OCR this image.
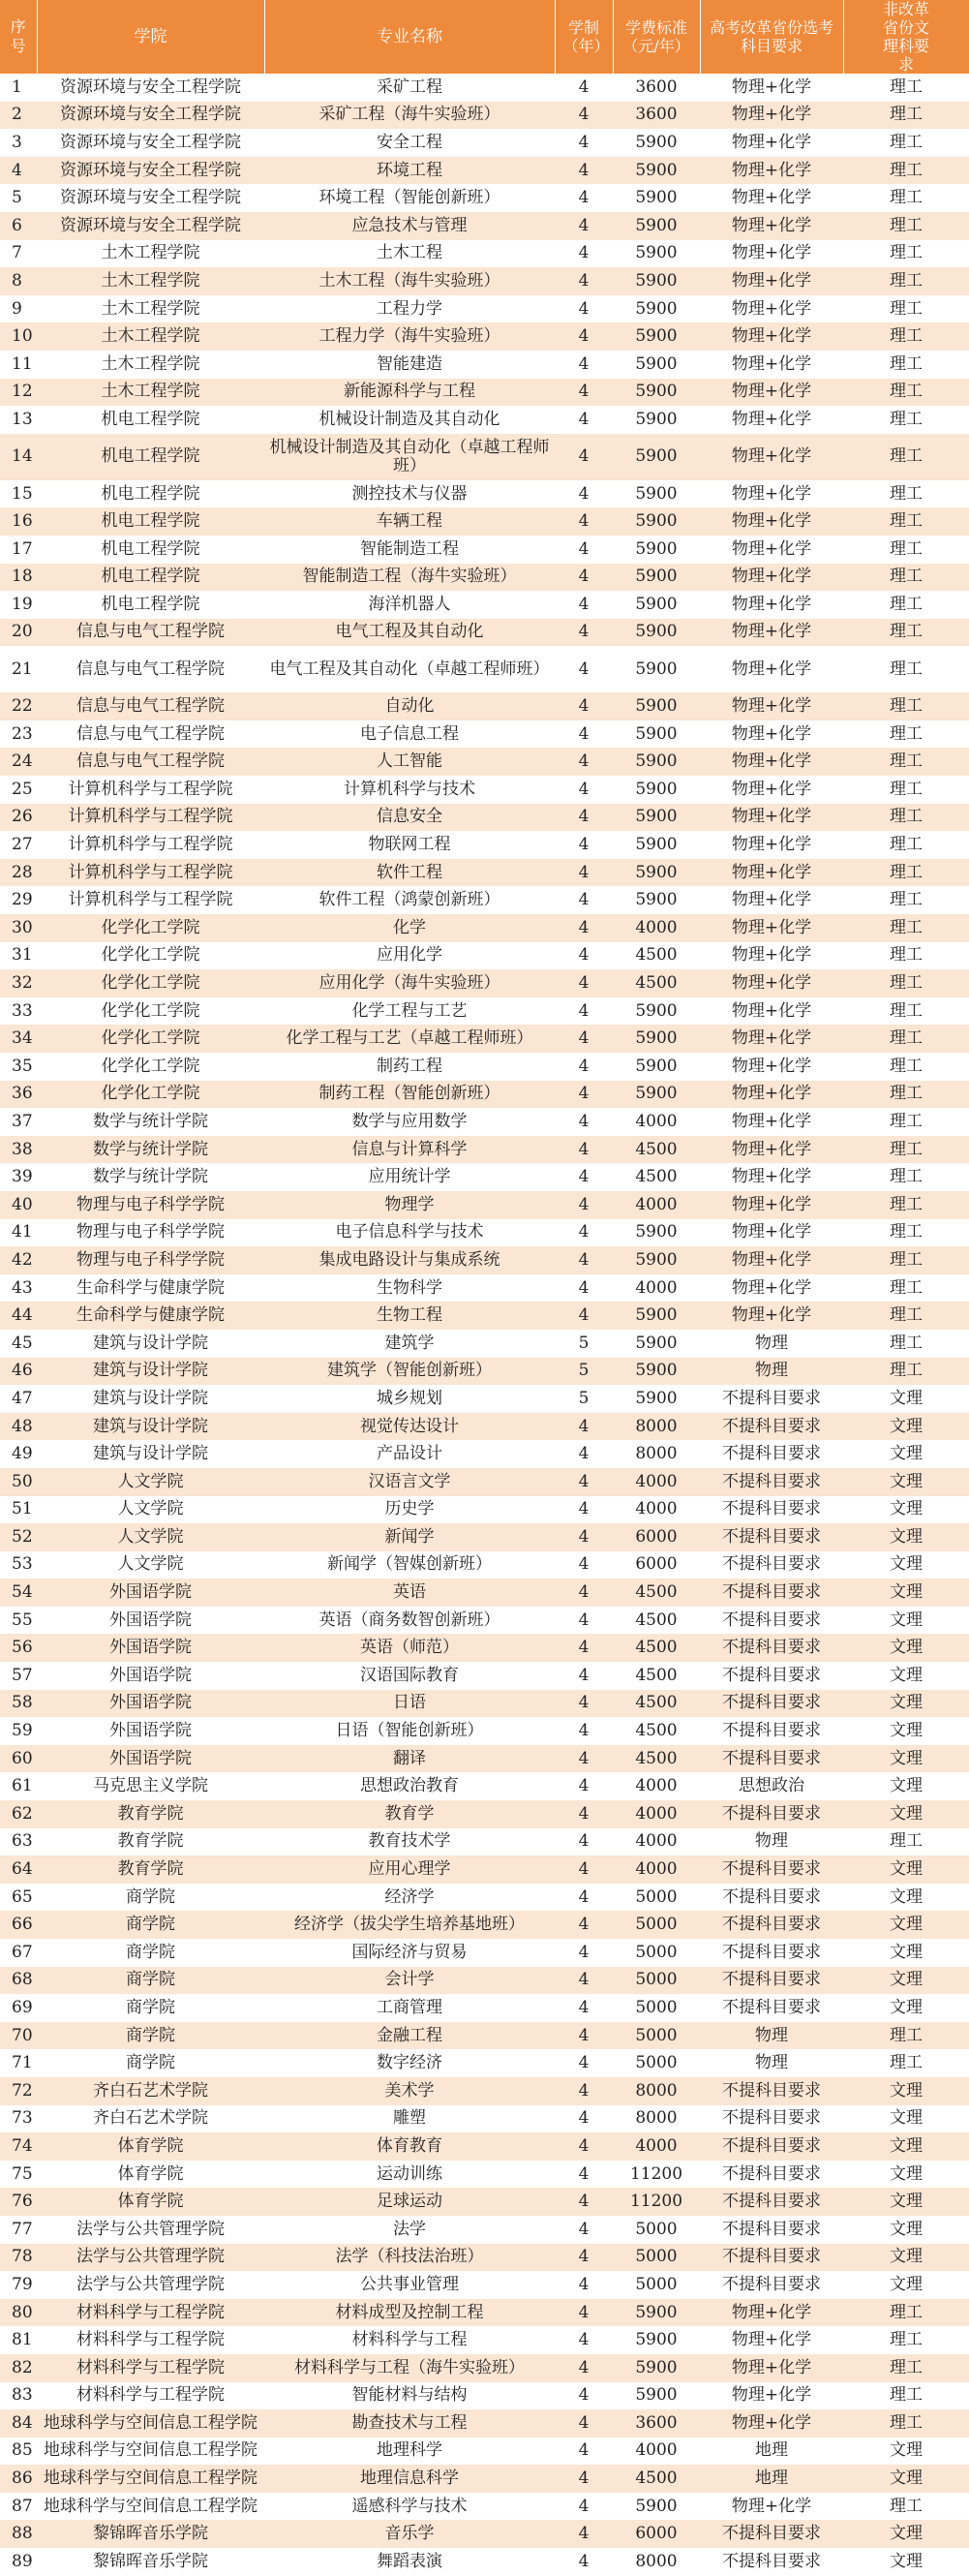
序号	学院	专业名称	学制（年）	学费标准（元/年）	高考改革省份选考科目要求	非改革省份文理科要求
1	资源环境与安全工程学院	采矿工程	4	3600	物理+化学	理工
2	资源环境与安全工程学院	采矿工程（海牛实验班）	4	3600	物理+化学	理工
3	资源环境与安全工程学院	安全工程	4	5900	物理+化学	理工
4	资源环境与安全工程学院	环境工程	4	5900	物理+化学	理工
5	资源环境与安全工程学院	环境工程（智能创新班）	4	5900	物理+化学	理工
6	资源环境与安全工程学院	应急技术与管理	4	5900	物理+化学	理工
7	土木工程学院	土木工程	4	5900	物理+化学	理工
8	土木工程学院	土木工程（海牛实验班）	4	5900	物理+化学	理工
9	土木工程学院	工程力学	4	5900	物理+化学	理工
10	土木工程学院	工程力学（海牛实验班）	4	5900	物理+化学	理工
11	土木工程学院	智能建造	4	5900	物理+化学	理工
12	土木工程学院	新能源科学与工程	4	5900	物理+化学	理工
13	机电工程学院	机械设计制造及其自动化	4	5900	物理+化学	理工
14	机电工程学院	机械设计制造及其自动化（卓越工程师班）	4	5900	物理+化学	理工
15	机电工程学院	测控技术与仪器	4	5900	物理+化学	理工
16	机电工程学院	车辆工程	4	5900	物理+化学	理工
17	机电工程学院	智能制造工程	4	5900	物理+化学	理工
18	机电工程学院	智能制造工程（海牛实验班）	4	5900	物理+化学	理工
19	机电工程学院	海洋机器人	4	5900	物理+化学	理工
20	信息与电气工程学院	电气工程及其自动化	4	5900	物理+化学	理工
21	信息与电气工程学院	电气工程及其自动化（卓越工程师班）	4	5900	物理+化学	理工
22	信息与电气工程学院	自动化	4	5900	物理+化学	理工
23	信息与电气工程学院	电子信息工程	4	5900	物理+化学	理工
24	信息与电气工程学院	人工智能	4	5900	物理+化学	理工
25	计算机科学与工程学院	计算机科学与技术	4	5900	物理+化学	理工
26	计算机科学与工程学院	信息安全	4	5900	物理+化学	理工
27	计算机科学与工程学院	物联网工程	4	5900	物理+化学	理工
28	计算机科学与工程学院	软件工程	4	5900	物理+化学	理工
29	计算机科学与工程学院	软件工程（鸿蒙创新班）	4	5900	物理+化学	理工
30	化学化工学院	化学	4	4000	物理+化学	理工
31	化学化工学院	应用化学	4	4500	物理+化学	理工
32	化学化工学院	应用化学（海牛实验班）	4	4500	物理+化学	理工
33	化学化工学院	化学工程与工艺	4	5900	物理+化学	理工
34	化学化工学院	化学工程与工艺（卓越工程师班）	4	5900	物理+化学	理工
35	化学化工学院	制药工程	4	5900	物理+化学	理工
36	化学化工学院	制药工程（智能创新班）	4	5900	物理+化学	理工
37	数学与统计学院	数学与应用数学	4	4000	物理+化学	理工
38	数学与统计学院	信息与计算科学	4	4500	物理+化学	理工
39	数学与统计学院	应用统计学	4	4500	物理+化学	理工
40	物理与电子科学学院	物理学	4	4000	物理+化学	理工
41	物理与电子科学学院	电子信息科学与技术	4	5900	物理+化学	理工
42	物理与电子科学学院	集成电路设计与集成系统	4	5900	物理+化学	理工
43	生命科学与健康学院	生物科学	4	4000	物理+化学	理工
44	生命科学与健康学院	生物工程	4	5900	物理+化学	理工
45	建筑与设计学院	建筑学	5	5900	物理	理工
46	建筑与设计学院	建筑学（智能创新班）	5	5900	物理	理工
47	建筑与设计学院	城乡规划	5	5900	不提科目要求	文理
48	建筑与设计学院	视觉传达设计	4	8000	不提科目要求	文理
49	建筑与设计学院	产品设计	4	8000	不提科目要求	文理
50	人文学院	汉语言文学	4	4000	不提科目要求	文理
51	人文学院	历史学	4	4000	不提科目要求	文理
52	人文学院	新闻学	4	6000	不提科目要求	文理
53	人文学院	新闻学（智媒创新班）	4	6000	不提科目要求	文理
54	外国语学院	英语	4	4500	不提科目要求	文理
55	外国语学院	英语（商务数智创新班）	4	4500	不提科目要求	文理
56	外国语学院	英语（师范）	4	4500	不提科目要求	文理
57	外国语学院	汉语国际教育	4	4500	不提科目要求	文理
58	外国语学院	日语	4	4500	不提科目要求	文理
59	外国语学院	日语（智能创新班）	4	4500	不提科目要求	文理
60	外国语学院	翻译	4	4500	不提科目要求	文理
61	马克思主义学院	思想政治教育	4	4000	思想政治	文理
62	教育学院	教育学	4	4000	不提科目要求	文理
63	教育学院	教育技术学	4	4000	物理	理工
64	教育学院	应用心理学	4	4000	不提科目要求	文理
65	商学院	经济学	4	5000	不提科目要求	文理
66	商学院	经济学（拔尖学生培养基地班）	4	5000	不提科目要求	文理
67	商学院	国际经济与贸易	4	5000	不提科目要求	文理
68	商学院	会计学	4	5000	不提科目要求	文理
69	商学院	工商管理	4	5000	不提科目要求	文理
70	商学院	金融工程	4	5000	物理	理工
71	商学院	数字经济	4	5000	物理	理工
72	齐白石艺术学院	美术学	4	8000	不提科目要求	文理
73	齐白石艺术学院	雕塑	4	8000	不提科目要求	文理
74	体育学院	体育教育	4	4000	不提科目要求	文理
75	体育学院	运动训练	4	11200	不提科目要求	文理
76	体育学院	足球运动	4	11200	不提科目要求	文理
77	法学与公共管理学院	法学	4	5000	不提科目要求	文理
78	法学与公共管理学院	法学（科技法治班）	4	5000	不提科目要求	文理
79	法学与公共管理学院	公共事业管理	4	5000	不提科目要求	文理
80	材料科学与工程学院	材料成型及控制工程	4	5900	物理+化学	理工
81	材料科学与工程学院	材料科学与工程	4	5900	物理+化学	理工
82	材料科学与工程学院	材料科学与工程（海牛实验班）	4	5900	物理+化学	理工
83	材料科学与工程学院	智能材料与结构	4	5900	物理+化学	理工
84	地球科学与空间信息工程学院	勘查技术与工程	4	3600	物理+化学	理工
85	地球科学与空间信息工程学院	地理科学	4	4000	地理	文理
86	地球科学与空间信息工程学院	地理信息科学	4	4500	地理	文理
87	地球科学与空间信息工程学院	遥感科学与技术	4	5900	物理+化学	理工
88	黎锦晖音乐学院	音乐学	4	6000	不提科目要求	文理
89	黎锦晖音乐学院	舞蹈表演	4	8000	不提科目要求	文理
